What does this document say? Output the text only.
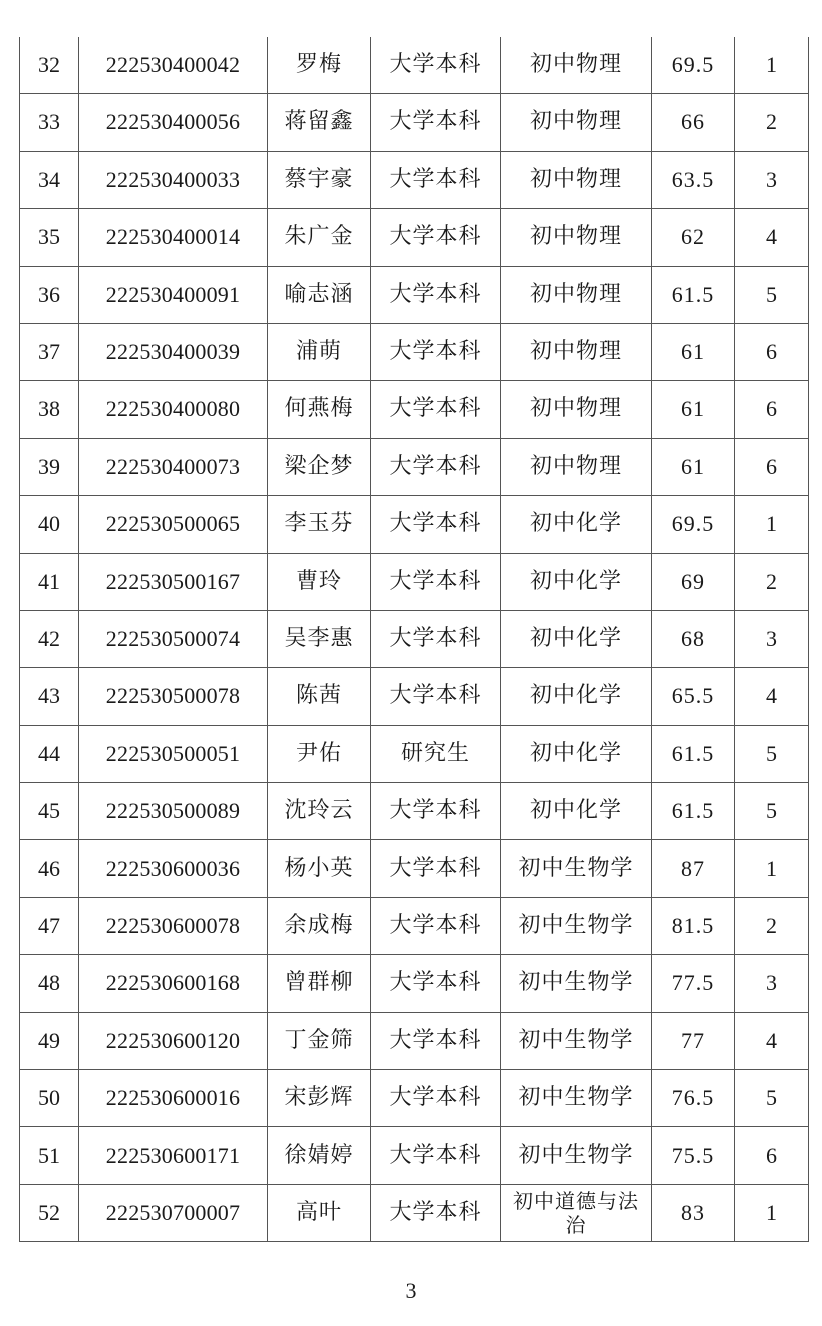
32	222530400042	罗梅	大学本科	初中物理	69.5	1
33	222530400056	蒋留鑫	大学本科	初中物理	66	2
34	222530400033	蔡宇豪	大学本科	初中物理	63.5	3
35	222530400014	朱广金	大学本科	初中物理	62	4
36	222530400091	喻志涵	大学本科	初中物理	61.5	5
37	222530400039	浦萌	大学本科	初中物理	61	6
38	222530400080	何燕梅	大学本科	初中物理	61	6
39	222530400073	梁企梦	大学本科	初中物理	61	6
40	222530500065	李玉芬	大学本科	初中化学	69.5	1
41	222530500167	曹玲	大学本科	初中化学	69	2
42	222530500074	吴李惠	大学本科	初中化学	68	3
43	222530500078	陈茜	大学本科	初中化学	65.5	4
44	222530500051	尹佑	研究生	初中化学	61.5	5
45	222530500089	沈玲云	大学本科	初中化学	61.5	5
46	222530600036	杨小英	大学本科	初中生物学	87	1
47	222530600078	余成梅	大学本科	初中生物学	81.5	2
48	222530600168	曾群柳	大学本科	初中生物学	77.5	3
49	222530600120	丁金筛	大学本科	初中生物学	77	4
50	222530600016	宋彭辉	大学本科	初中生物学	76.5	5
51	222530600171	徐婧婷	大学本科	初中生物学	75.5	6
52	222530700007	高叶	大学本科	初中道德与法治	83	1
3
